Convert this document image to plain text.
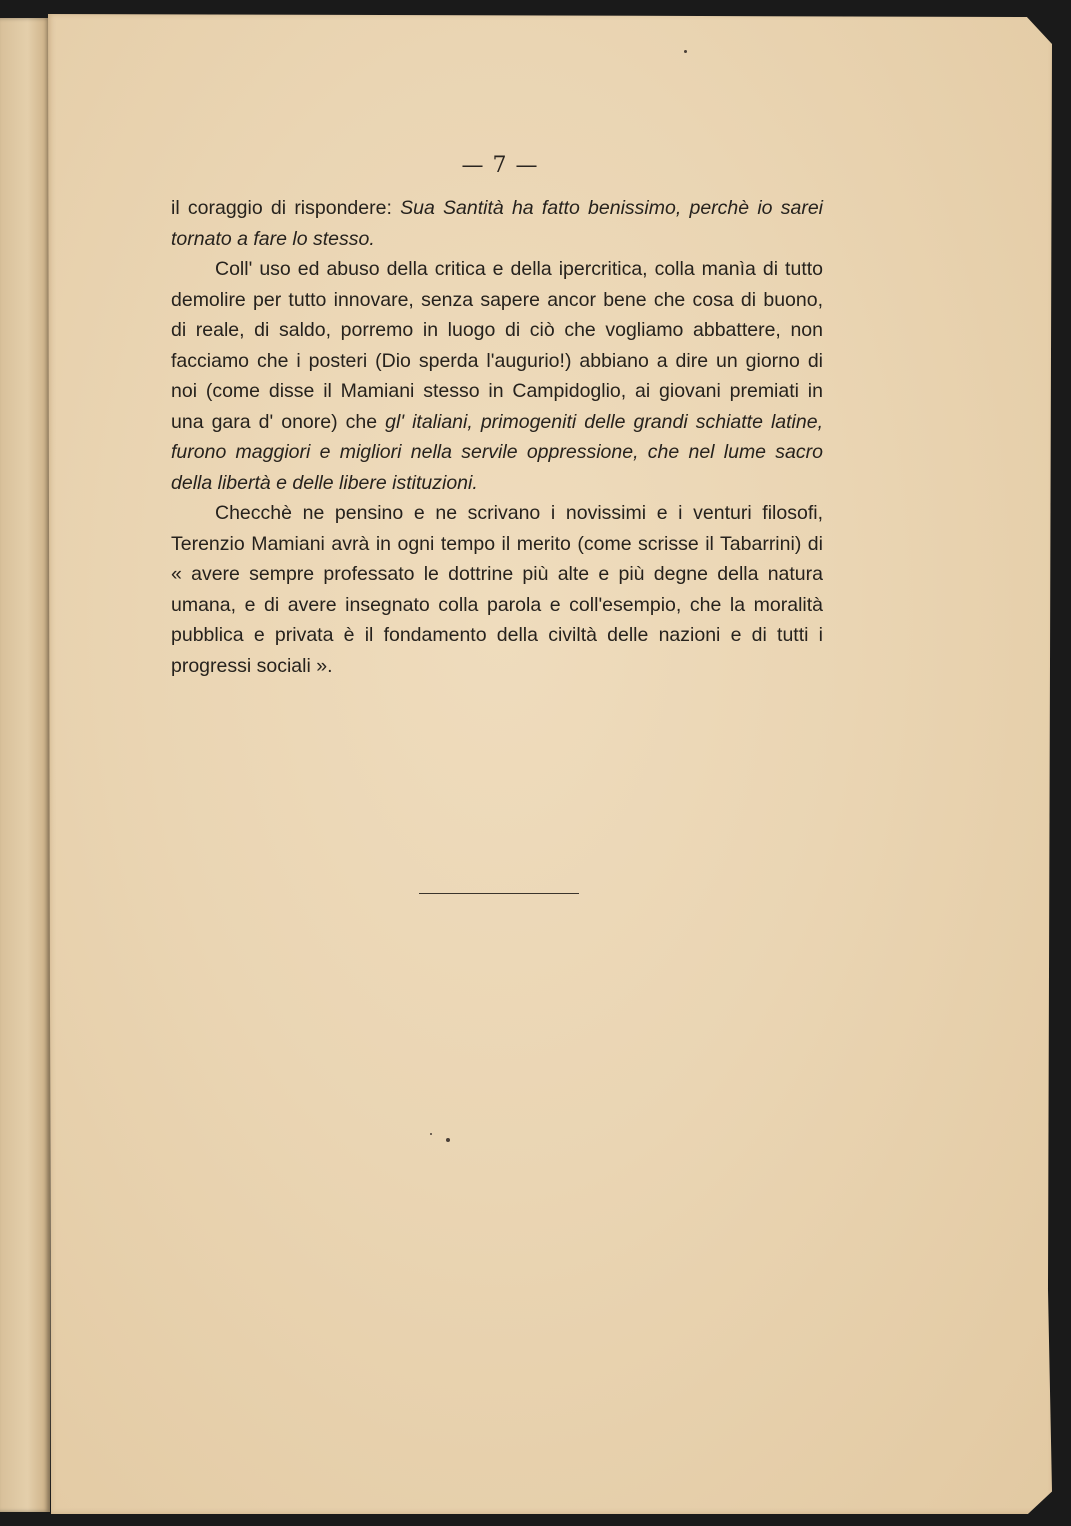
— 7 —

il coraggio di rispondere: Sua Santità ha fatto benissimo, perchè io sarei tornato a fare lo stesso.

Coll' uso ed abuso della critica e della ipercritica, colla manìa di tutto demolire per tutto innovare, senza sapere ancor bene che cosa di buono, di reale, di saldo, porremo in luogo di ciò che vogliamo abbattere, non facciamo che i posteri (Dio sperda l'augurio!) abbiano a dire un giorno di noi (come disse il Mamiani stesso in Campidoglio, ai giovani premiati in una gara d' onore) che gl' italiani, primogeniti delle grandi schiatte latine, furono maggiori e migliori nella servile oppressione, che nel lume sacro della libertà e delle libere istituzioni.

Checchè ne pensino e ne scrivano i novissimi e i venturi filosofi, Terenzio Mamiani avrà in ogni tempo il merito (come scrisse il Tabarrini) di « avere sempre professato le dottrine più alte e più degne della natura umana, e di avere insegnato colla parola e coll'esempio, che la moralità pubblica e privata è il fondamento della civiltà delle nazioni e di tutti i progressi sociali ».
